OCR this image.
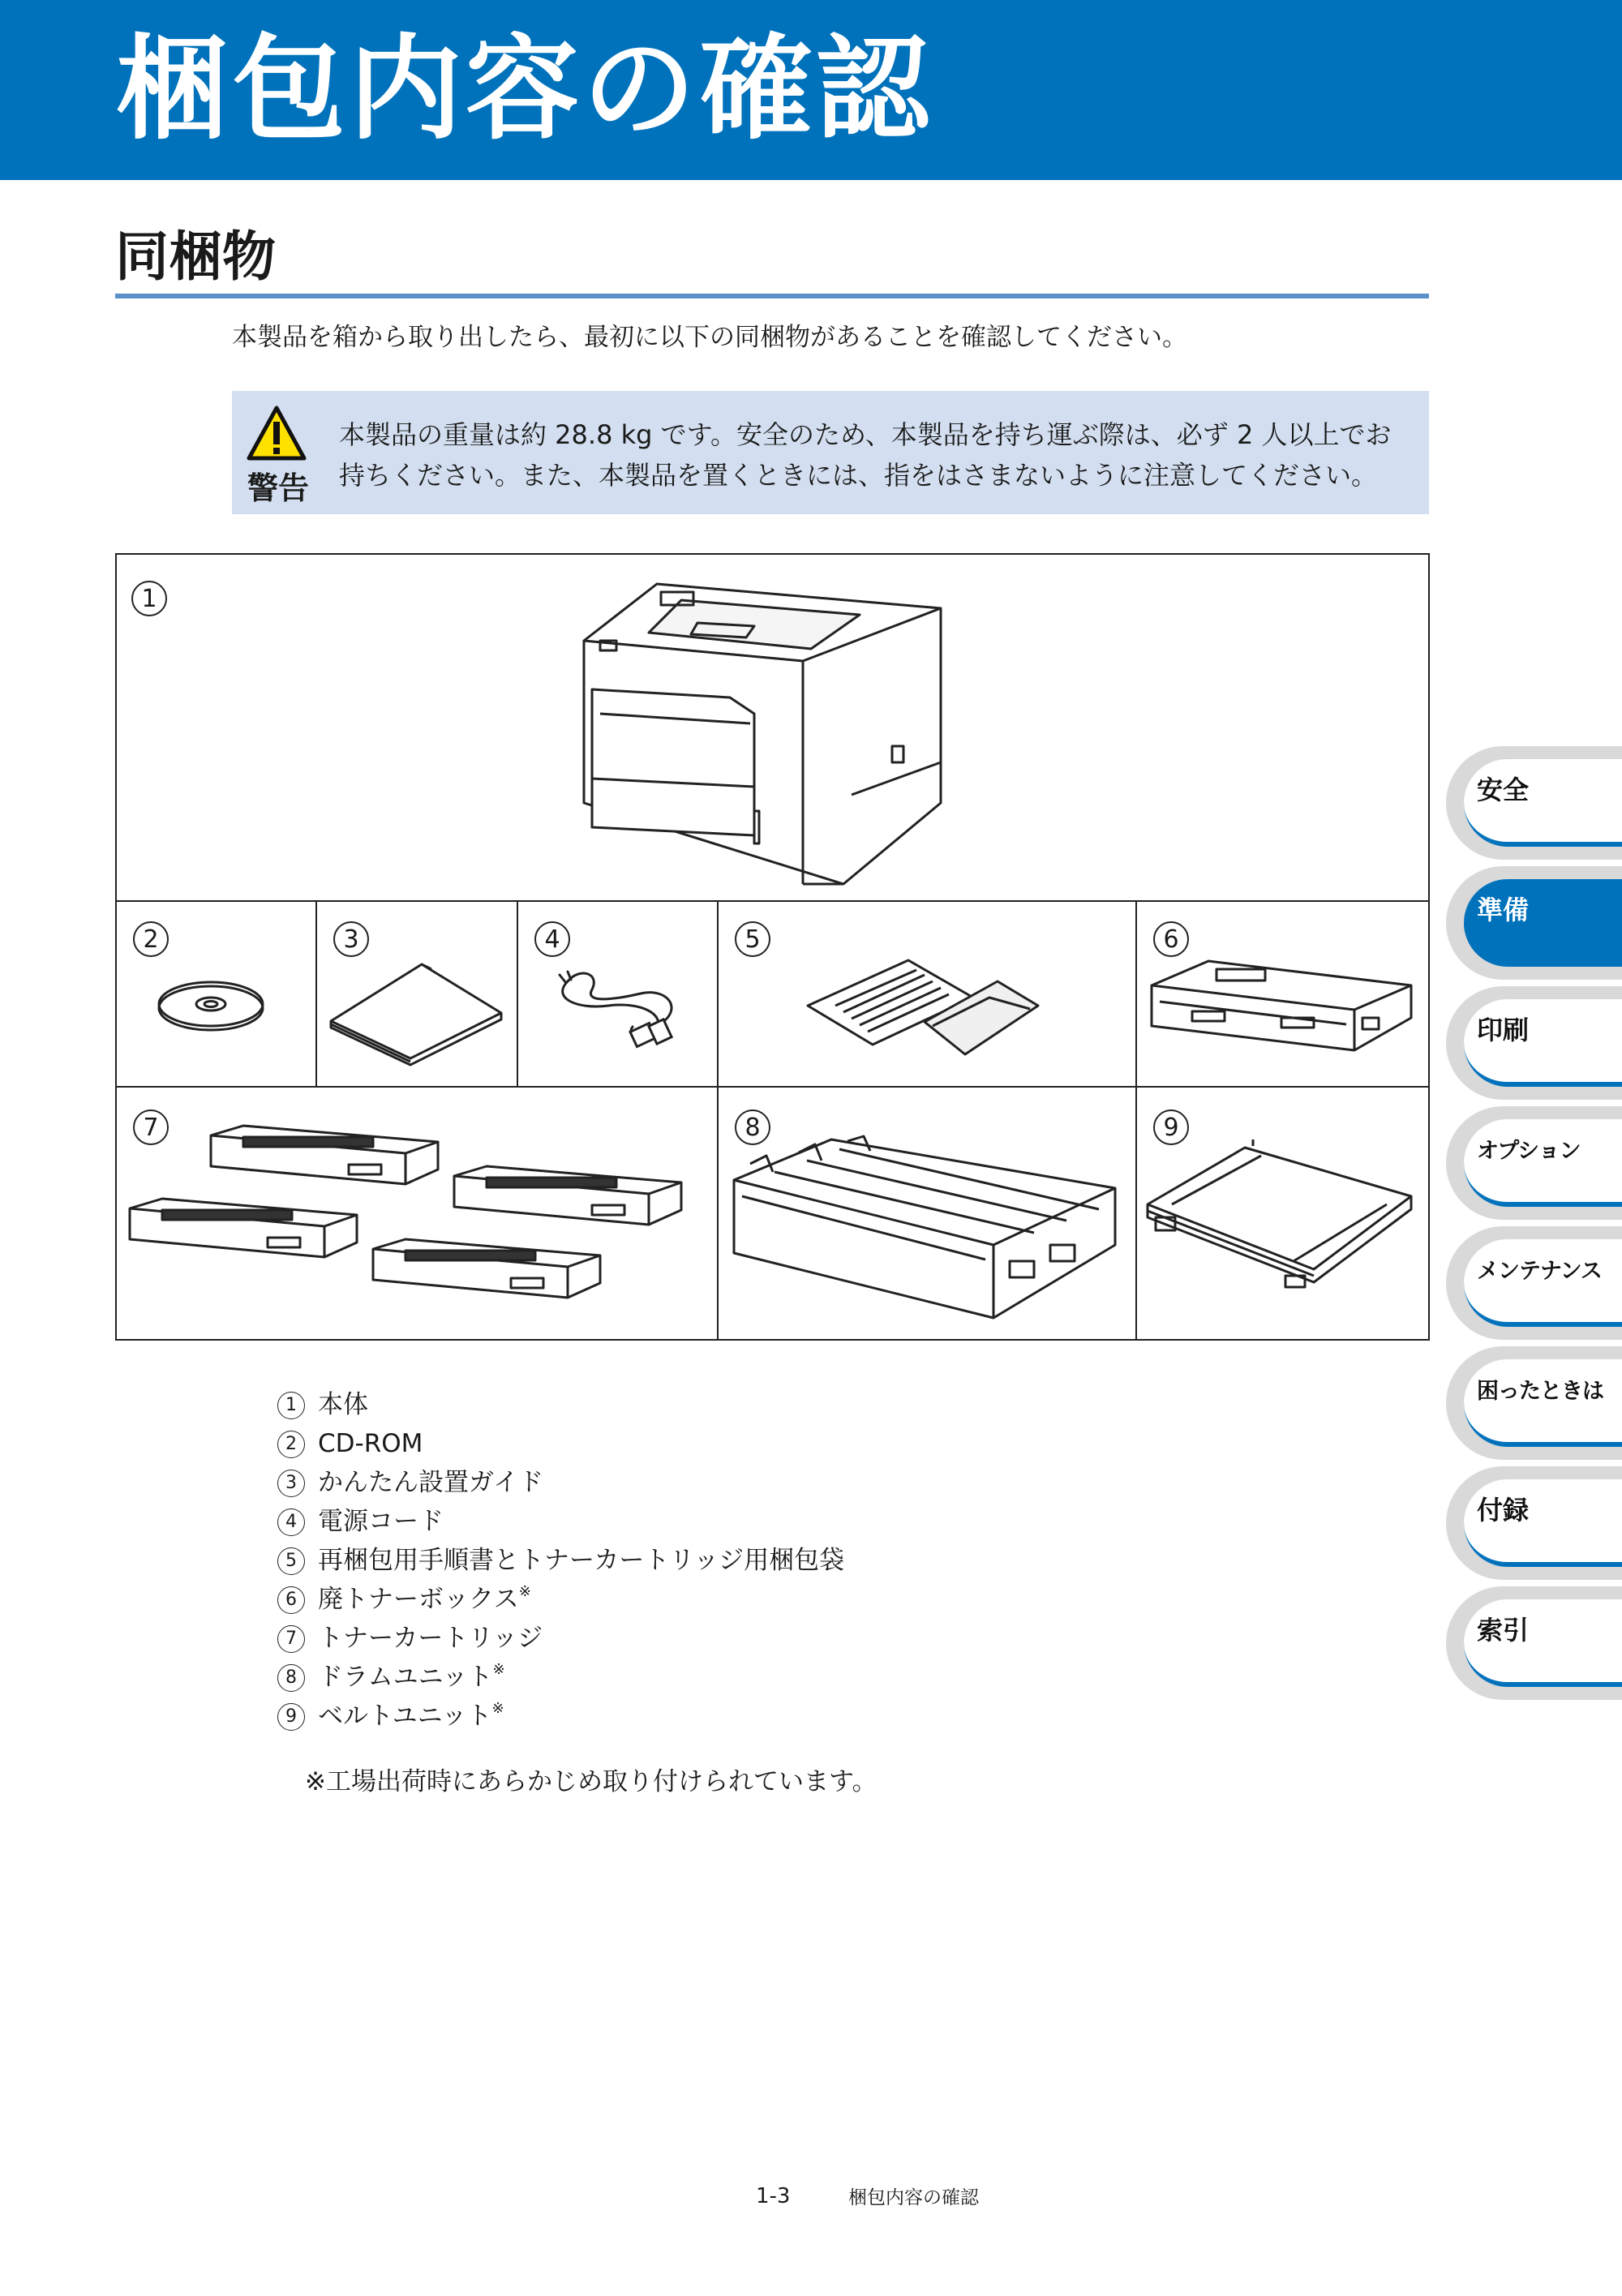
梱包内容の確認
同梱物
本製品を箱から取り出したら、最初に以下の同梱物があることを確認してください。
警告
本製品の重量は約 28.8 kg です。安全のため、本製品を持ち運ぶ際は、必ず 2 人以上でお
持ちください。また、本製品を置くときには、指をはさまないように注意してください。
1
2	3	4	5	6
7	8	9
1 本体
2 CD-ROM
3 かんたん設置ガイド
4 電源コード
5 再梱包用手順書とトナーカートリッジ用梱包袋
6 廃トナーボックス※
7 トナーカートリッジ
8 ドラムユニット※
9 ベルトユニット※
※工場出荷時にあらかじめ取り付けられています。
1-3	梱包内容の確認
安全
準備
印刷
オプション
メンテナンス
困ったときは
付録
索引
